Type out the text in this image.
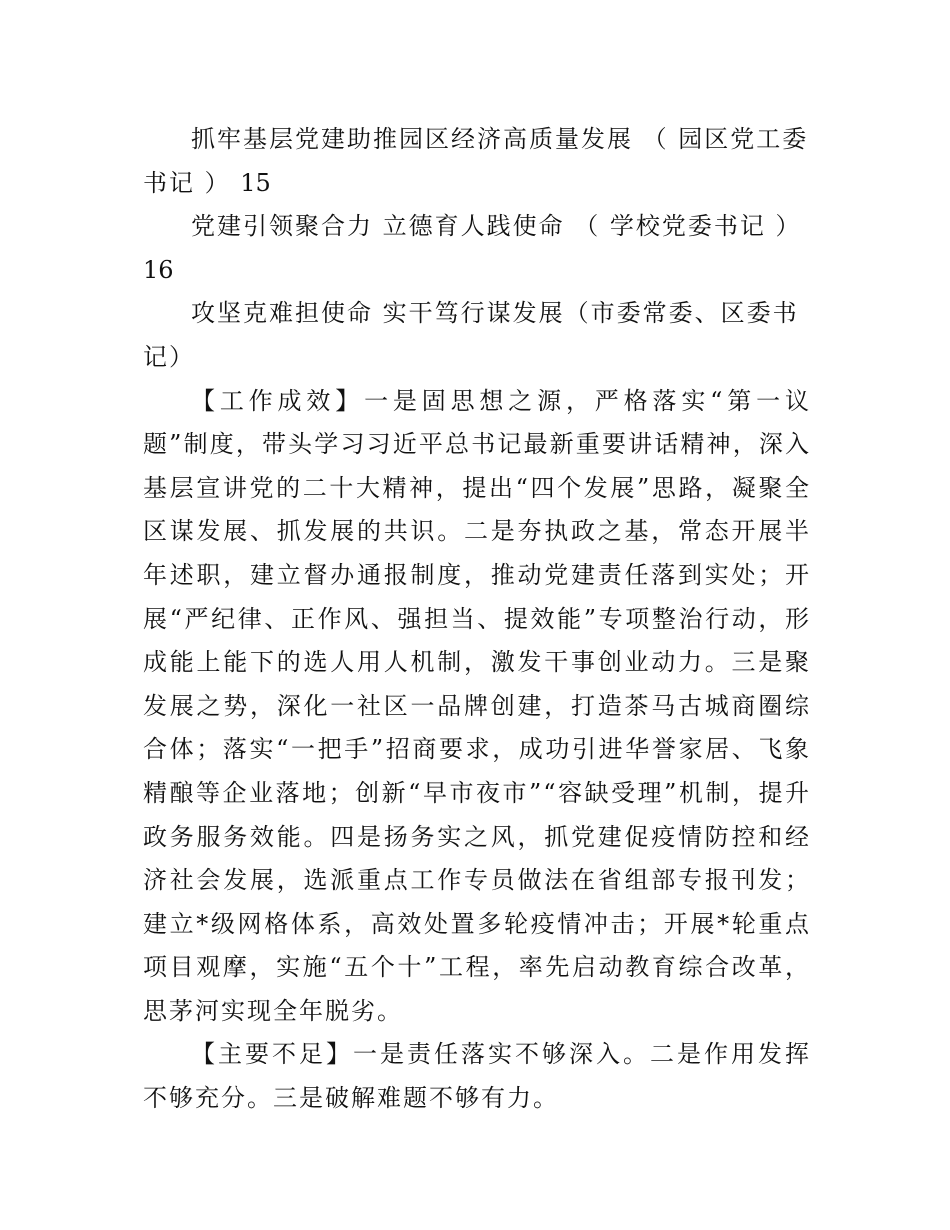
抓牢基层党建助推园区经济高质量发展 （ 园区党工委书记 ） 15

党建引领聚合力 立德育人践使命 （ 学校党委书记 ）
16

攻坚克难担使命 实干笃行谋发展（市委常委、区委书记）

【工作成效】一是固思想之源，严格落实“第一议题”制度，带头学习习近平总书记最新重要讲话精神，深入基层宣讲党的二十大精神，提出“四个发展”思路，凝聚全区谋发展、抓发展的共识。二是夯执政之基，常态开展半年述职，建立督办通报制度，推动党建责任落到实处；开展“严纪律、正作风、强担当、提效能”专项整治行动，形成能上能下的选人用人机制，激发干事创业动力。三是聚发展之势，深化一社区一品牌创建，打造茶马古城商圈综合体；落实“一把手”招商要求，成功引进华誉家居、飞象精酿等企业落地；创新“早市夜市”“容缺受理”机制，提升政务服务效能。四是扬务实之风，抓党建促疫情防控和经济社会发展，选派重点工作专员做法在省组部专报刊发；建立*级网格体系，高效处置多轮疫情冲击；开展*轮重点项目观摩，实施“五个十”工程，率先启动教育综合改革，思茅河实现全年脱劣。

【主要不足】一是责任落实不够深入。二是作用发挥不够充分。三是破解难题不够有力。
